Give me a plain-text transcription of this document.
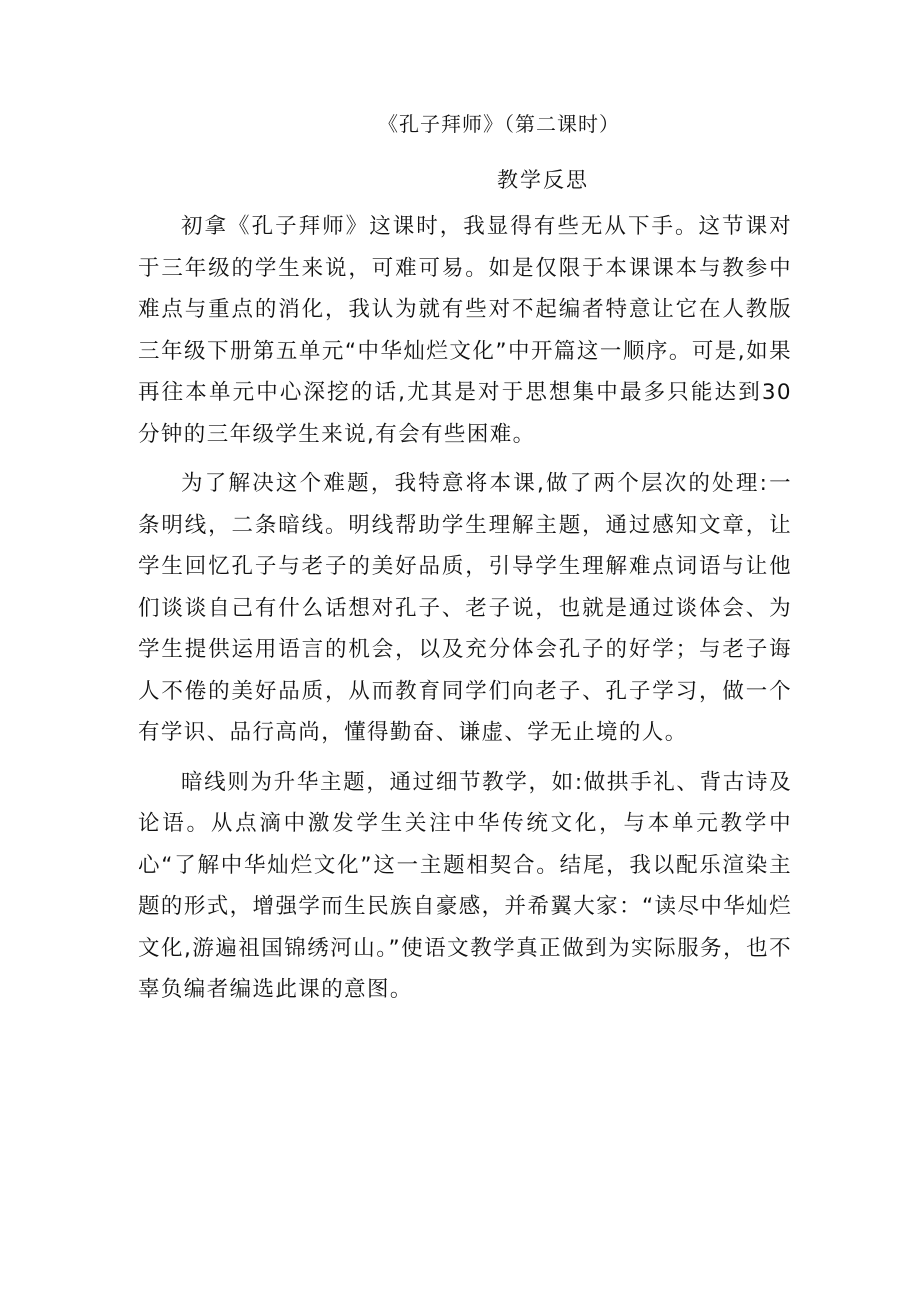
《孔子拜师》（第二课时）
教学反思

初拿《孔子拜师》这课时，我显得有些无从下手。这节课对于三年级的学生来说，可难可易。如是仅限于本课课本与教参中难点与重点的消化，我认为就有些对不起编者特意让它在人教版三年级下册第五单元“中华灿烂文化”中开篇这一顺序。可是,如果再往本单元中心深挖的话,尤其是对于思想集中最多只能达到30分钟的三年级学生来说,有会有些困难。

为了解决这个难题，我特意将本课,做了两个层次的处理:一条明线，二条暗线。明线帮助学生理解主题，通过感知文章，让学生回忆孔子与老子的美好品质，引导学生理解难点词语与让他们谈谈自己有什么话想对孔子、老子说，也就是通过谈体会、为学生提供运用语言的机会，以及充分体会孔子的好学；与老子诲人不倦的美好品质，从而教育同学们向老子、孔子学习，做一个有学识、品行高尚，懂得勤奋、谦虚、学无止境的人。

暗线则为升华主题，通过细节教学，如:做拱手礼、背古诗及论语。从点滴中激发学生关注中华传统文化，与本单元教学中心“了解中华灿烂文化”这一主题相契合。结尾，我以配乐渲染主题的形式，增强学而生民族自豪感，并希翼大家：“读尽中华灿烂文化,游遍祖国锦绣河山。”使语文教学真正做到为实际服务，也不辜负编者编选此课的意图。
